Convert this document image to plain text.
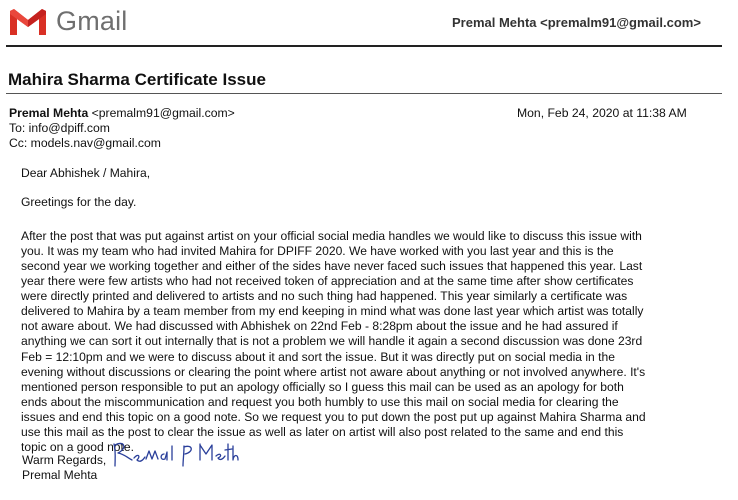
Gmail	Premal Mehta <premalm91@gmail.com>
Mahira Sharma Certificate Issue
Premal Mehta <premalm91@gmail.com>	Mon, Feb 24, 2020 at 11:38 AM
To: info@dpiff.com
Cc: models.nav@gmail.com
Dear Abhishek / Mahira,
Greetings for the day.
After the post that was put against artist on your official social media handles we would like to discuss this issue with
you. It was my team who had invited Mahira for DPIFF 2020. We have worked with you last year and this is the
second year we working together and either of the sides have never faced such issues that happened this year. Last
year there were few artists who had not received token of appreciation and at the same time after show certificates
were directly printed and delivered to artists and no such thing had happened. This year similarly a certificate was
delivered to Mahira by a team member from my end keeping in mind what was done last year which artist was totally
not aware about. We had discussed with Abhishek on 22nd Feb - 8:28pm about the issue and he had assured if
anything we can sort it out internally that is not a problem we will handle it again a second discussion was done 23rd
Feb = 12:10pm and we were to discuss about it and sort the issue. But it was directly put on social media in the
evening without discussions or clearing the point where artist not aware about anything or not involved anywhere. It's
mentioned person responsible to put an apology officially so I guess this mail can be used as an apology for both
ends about the miscommunication and request you both humbly to use this mail on social media for clearing the
issues and end this topic on a good note. So we request you to put down the post put up against Mahira Sharma and
use this mail as the post to clear the issue as well as later on artist will also post related to the same and end this
topic on a good note.
Warm Regards,
Premal Mehta
